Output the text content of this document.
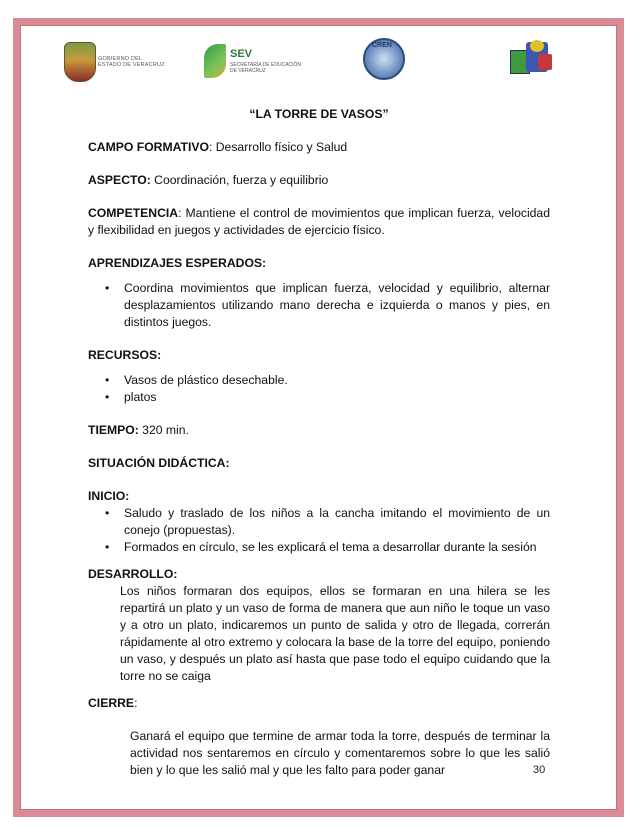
GOBIERNO DEL
ESTADO DE VERACRUZ
SEV
SECRETARÍA DE EDUCACIÓN
DE VERACRUZ
CREN

“LA TORRE DE VASOS”

CAMPO FORMATIVO: Desarrollo físico y Salud

ASPECTO: Coordinación, fuerza y equilibrio

COMPETENCIA: Mantiene el control de movimientos que implican fuerza, velocidad y flexibilidad en juegos y actividades de ejercicio físico.

APRENDIZAJES ESPERADOS:

• Coordina movimientos que implican fuerza, velocidad y equilibrio, alternar desplazamientos utilizando mano derecha e izquierda o manos y pies, en distintos juegos.

RECURSOS:

• Vasos de plástico desechable.
• platos

TIEMPO: 320 min.

SITUACIÓN DIDÁCTICA:

INICIO:

• Saludo y traslado de los niños a la cancha imitando el movimiento de un conejo (propuestas).
• Formados en círculo, se les explicará el tema a desarrollar durante la sesión

DESARROLLO:

Los niños formaran dos equipos, ellos se formaran en una hilera se les repartirá un plato y un vaso de forma de manera que aun niño le toque un vaso y a otro un plato, indicaremos un punto de salida y otro de llegada, correrán rápidamente al otro extremo y colocara la base de la torre del equipo, poniendo un vaso, y después un plato así hasta que pase todo el equipo cuidando que la torre no se caiga

CIERRE:

Ganará el equipo que termine de armar toda la torre, después de terminar la actividad nos sentaremos en círculo y comentaremos sobre lo que les salió bien y lo que les salió mal y que les falto para poder ganar	30
